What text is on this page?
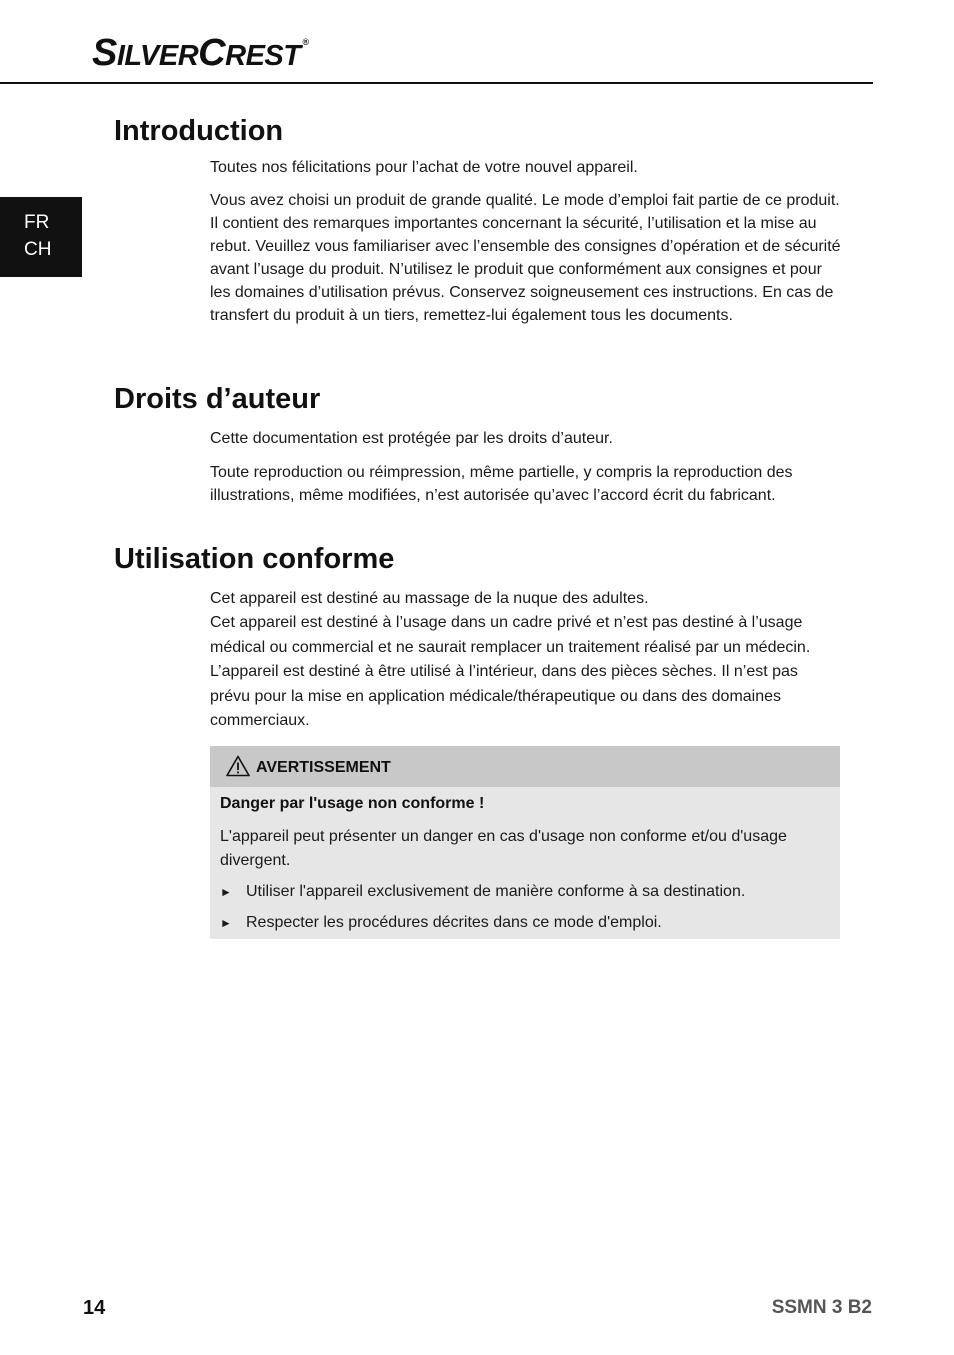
SILVERCREST ®
FR
CH
Introduction

Toutes nos félicitations pour l’achat de votre nouvel appareil.

Vous avez choisi un produit de grande qualité. Le mode d’emploi fait partie de ce produit. Il contient des remarques importantes concernant la sécurité, l’utilisation et la mise au rebut. Veuillez vous familiariser avec l’ensemble des consignes d’opération et de sécurité avant l’usage du produit. N’utilisez le produit que conformément aux consignes et pour les domaines d’utilisation prévus. Conservez soigneusement ces instructions. En cas de transfert du produit à un tiers, remettez-lui également tous les documents.

Droits d’auteur

Cette documentation est protégée par les droits d’auteur.

Toute reproduction ou réimpression, même partielle, y compris la reproduction des illustrations, même modifiées, n’est autorisée qu’avec l’accord écrit du fabricant.

Utilisation conforme

Cet appareil est destiné au massage de la nuque des adultes.

Cet appareil est destiné à l’usage dans un cadre privé et n’est pas destiné à l’usage médical ou commercial et ne saurait remplacer un traitement réalisé par un médecin. L’appareil est destiné à être utilisé à l’intérieur, dans des pièces sèches. Il n’est pas prévu pour la mise en application médicale/thérapeutique ou dans des domaines commerciaux.

AVERTISSEMENT
Danger par l'usage non conforme !
L'appareil peut présenter un danger en cas d'usage non conforme et/ou d'usage divergent.
► Utiliser l'appareil exclusivement de manière conforme à sa destination.
► Respecter les procédures décrites dans ce mode d'emploi.
14	SSMN 3 B2
